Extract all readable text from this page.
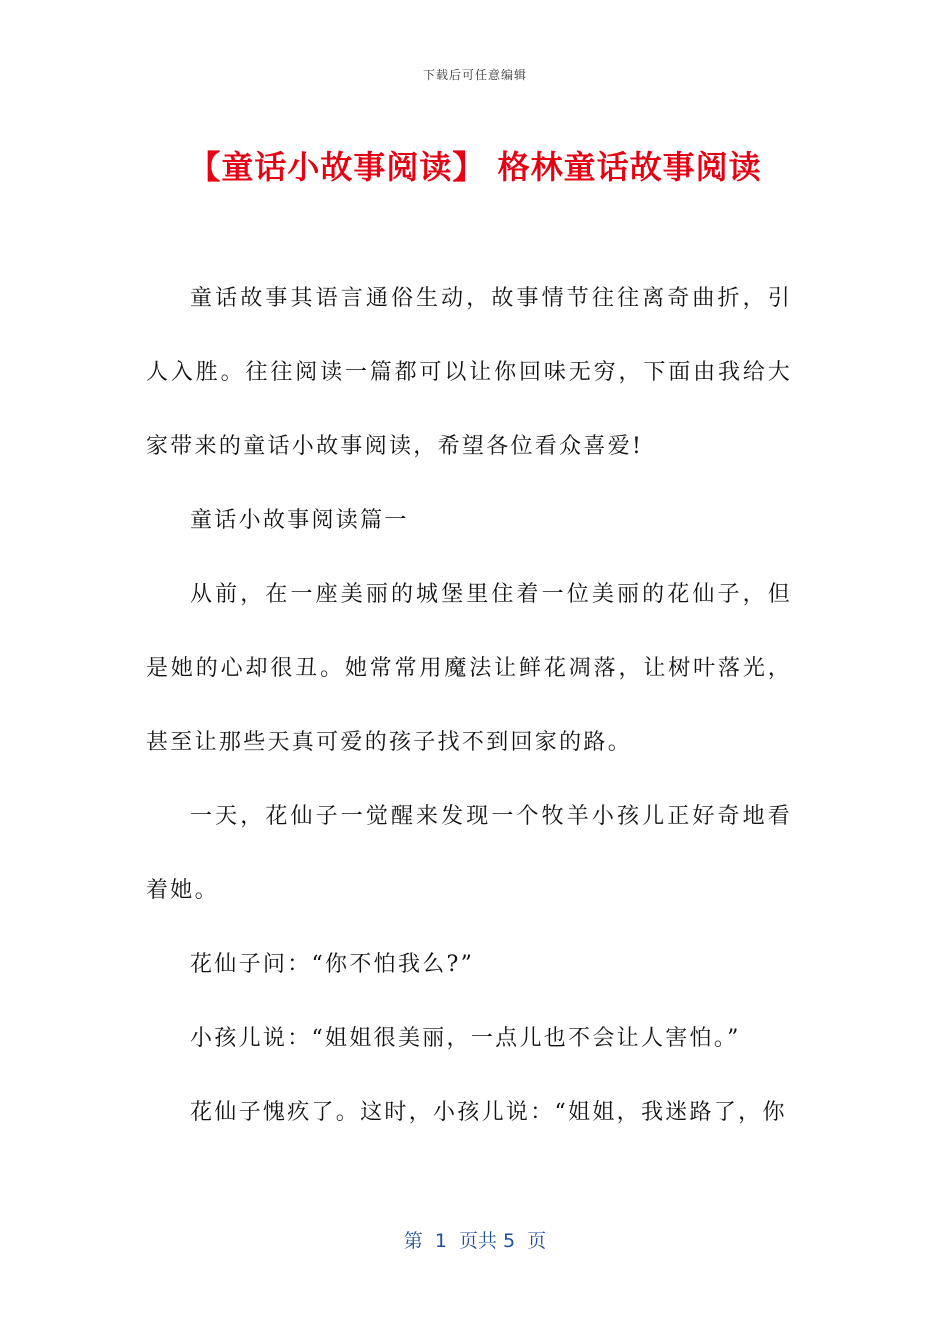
下载后可任意编辑
【童话小故事阅读】 格林童话故事阅读

童话故事其语言通俗生动，故事情节往往离奇曲折，引人入胜。往往阅读一篇都可以让你回味无穷，下面由我给大家带来的童话小故事阅读，希望各位看众喜爱!

童话小故事阅读篇一

从前，在一座美丽的城堡里住着一位美丽的花仙子，但是她的心却很丑。她常常用魔法让鲜花凋落，让树叶落光，甚至让那些天真可爱的孩子找不到回家的路。

一天，花仙子一觉醒来发现一个牧羊小孩儿正好奇地看着她。

花仙子问：“你不怕我么?”

小孩儿说：“姐姐很美丽，一点儿也不会让人害怕。”

花仙子愧疚了。这时，小孩儿说：“姐姐，我迷路了，你

第  1  页共 5  页
